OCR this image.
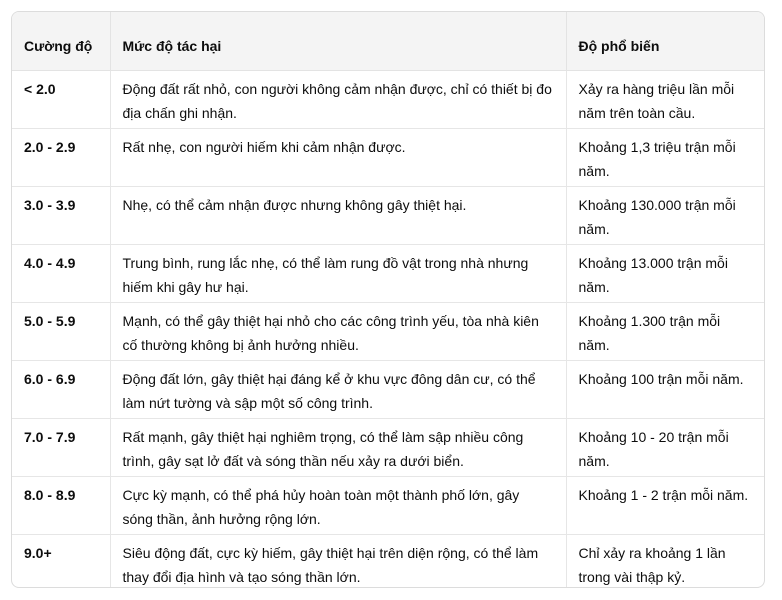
Cường độ	Mức độ tác hại	Độ phổ biến
< 2.0	Động đất rất nhỏ, con người không cảm nhận được, chỉ có thiết bị đo địa chấn ghi nhận.	Xảy ra hàng triệu lần mỗi năm trên toàn cầu.
2.0 - 2.9	Rất nhẹ, con người hiếm khi cảm nhận được.	Khoảng 1,3 triệu trận mỗi năm.
3.0 - 3.9	Nhẹ, có thể cảm nhận được nhưng không gây thiệt hại.	Khoảng 130.000 trận mỗi năm.
4.0 - 4.9	Trung bình, rung lắc nhẹ, có thể làm rung đồ vật trong nhà nhưng hiếm khi gây hư hại.	Khoảng 13.000 trận mỗi năm.
5.0 - 5.9	Mạnh, có thể gây thiệt hại nhỏ cho các công trình yếu, tòa nhà kiên cố thường không bị ảnh hưởng nhiều.	Khoảng 1.300 trận mỗi năm.
6.0 - 6.9	Động đất lớn, gây thiệt hại đáng kể ở khu vực đông dân cư, có thể làm nứt tường và sập một số công trình.	Khoảng 100 trận mỗi năm.
7.0 - 7.9	Rất mạnh, gây thiệt hại nghiêm trọng, có thể làm sập nhiều công trình, gây sạt lở đất và sóng thần nếu xảy ra dưới biển.	Khoảng 10 - 20 trận mỗi năm.
8.0 - 8.9	Cực kỳ mạnh, có thể phá hủy hoàn toàn một thành phố lớn, gây sóng thần, ảnh hưởng rộng lớn.	Khoảng 1 - 2 trận mỗi năm.
9.0+	Siêu động đất, cực kỳ hiếm, gây thiệt hại trên diện rộng, có thể làm thay đổi địa hình và tạo sóng thần lớn.	Chỉ xảy ra khoảng 1 lần trong vài thập kỷ.
